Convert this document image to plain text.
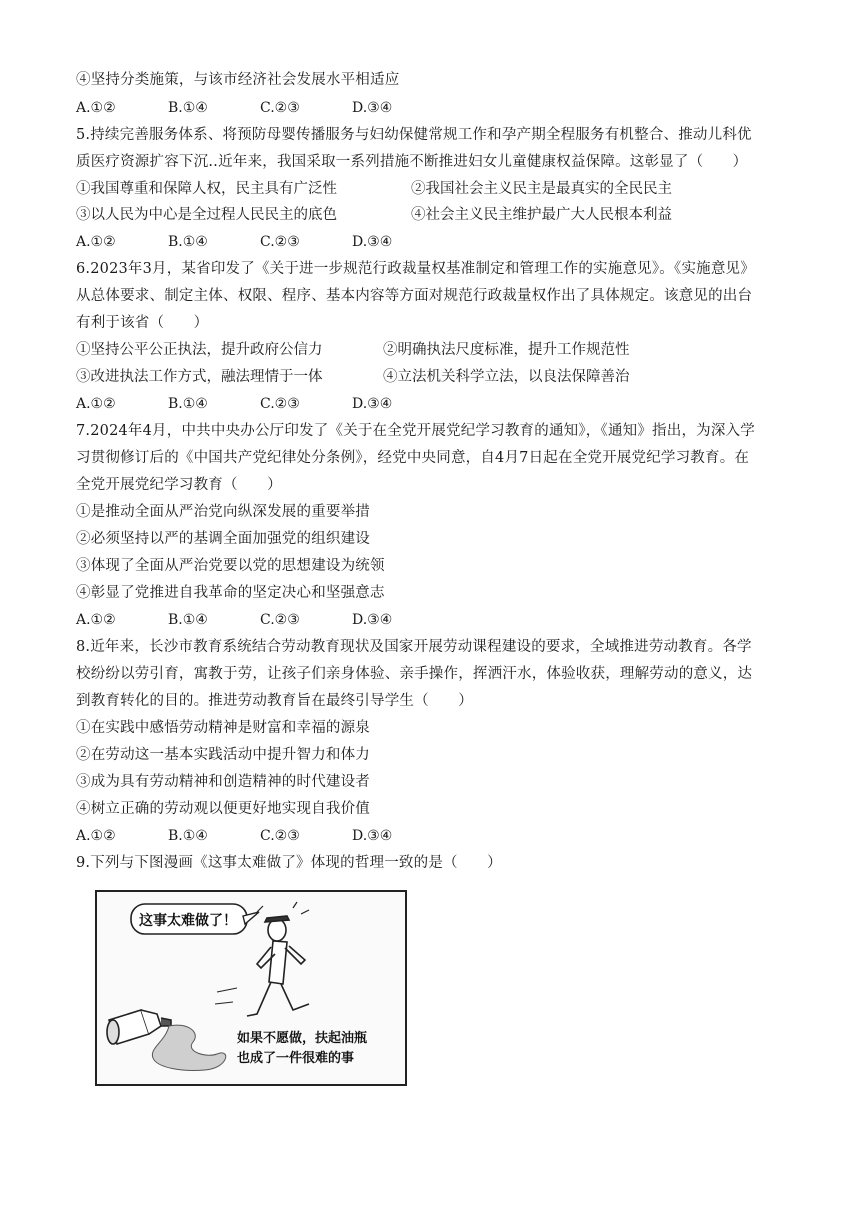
④坚持分类施策，与该市经济社会发展水平相适应
A.①②	B.①④	C.②③	D.③④
5.持续完善服务体系、将预防母婴传播服务与妇幼保健常规工作和孕产期全程服务有机整合、推动儿科优
质医疗资源扩容下沉‥近年来，我国采取一系列措施不断推进妇女儿童健康权益保障。这彰显了（　　）
①我国尊重和保障人权，民主具有广泛性	②我国社会主义民主是最真实的全民民主
③以人民为中心是全过程人民民主的底色	④社会主义民主维护最广大人民根本利益
A.①②	B.①④	C.②③	D.③④
6.2023年3月，某省印发了《关于进一步规范行政裁量权基准制定和管理工作的实施意见》。《实施意见》
从总体要求、制定主体、权限、程序、基本内容等方面对规范行政裁量权作出了具体规定。该意见的出台
有利于该省（　　）
①坚持公平公正执法，提升政府公信力	②明确执法尺度标准，提升工作规范性
③改进执法工作方式，融法理情于一体	④立法机关科学立法，以良法保障善治
A.①②	B.①④	C.②③	D.③④
7.2024年4月，中共中央办公厅印发了《关于在全党开展党纪学习教育的通知》，《通知》指出，为深入学
习贯彻修订后的《中国共产党纪律处分条例》，经党中央同意，自4月7日起在全党开展党纪学习教育。在
全党开展党纪学习教育（　　）
①是推动全面从严治党向纵深发展的重要举措
②必须坚持以严的基调全面加强党的组织建设
③体现了全面从严治党要以党的思想建设为统领
④彰显了党推进自我革命的坚定决心和坚强意志
A.①②	B.①④	C.②③	D.③④
8.近年来，长沙市教育系统结合劳动教育现状及国家开展劳动课程建设的要求，全域推进劳动教育。各学
校纷纷以劳引育，寓教于劳，让孩子们亲身体验、亲手操作，挥洒汗水，体验收获，理解劳动的意义，达
到教育转化的目的。推进劳动教育旨在最终引导学生（　　）
①在实践中感悟劳动精神是财富和幸福的源泉
②在劳动这一基本实践活动中提升智力和体力
③成为具有劳动精神和创造精神的时代建设者
④树立正确的劳动观以便更好地实现自我价值
A.①②	B.①④	C.②③	D.③④
9.下列与下图漫画《这事太难做了》体现的哲理一致的是（　　）
这事太难做了！
如果不愿做，扶起油瓶
也成了一件很难的事
